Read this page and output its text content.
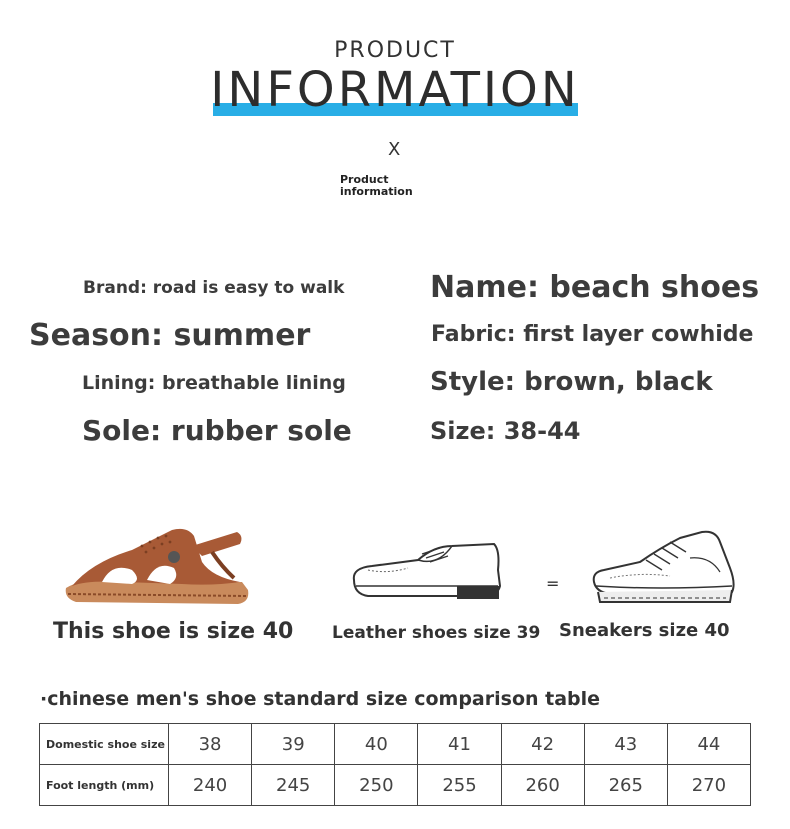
PRODUCT
INFORMATION
X
Product
information
Brand: road is easy to walk	Name: beach shoes
Season: summer	Fabric: first layer cowhide
Lining: breathable lining	Style: brown, black
Sole: rubber sole	Size: 38-44
This shoe is size 40 Leather shoes size 39
=
Sneakers size 40
·chinese men's shoe standard size comparison table
Domestic shoe size	38	39	40	41	42	43	44
Foot length (mm)	240	245	250	255	260	265	270
